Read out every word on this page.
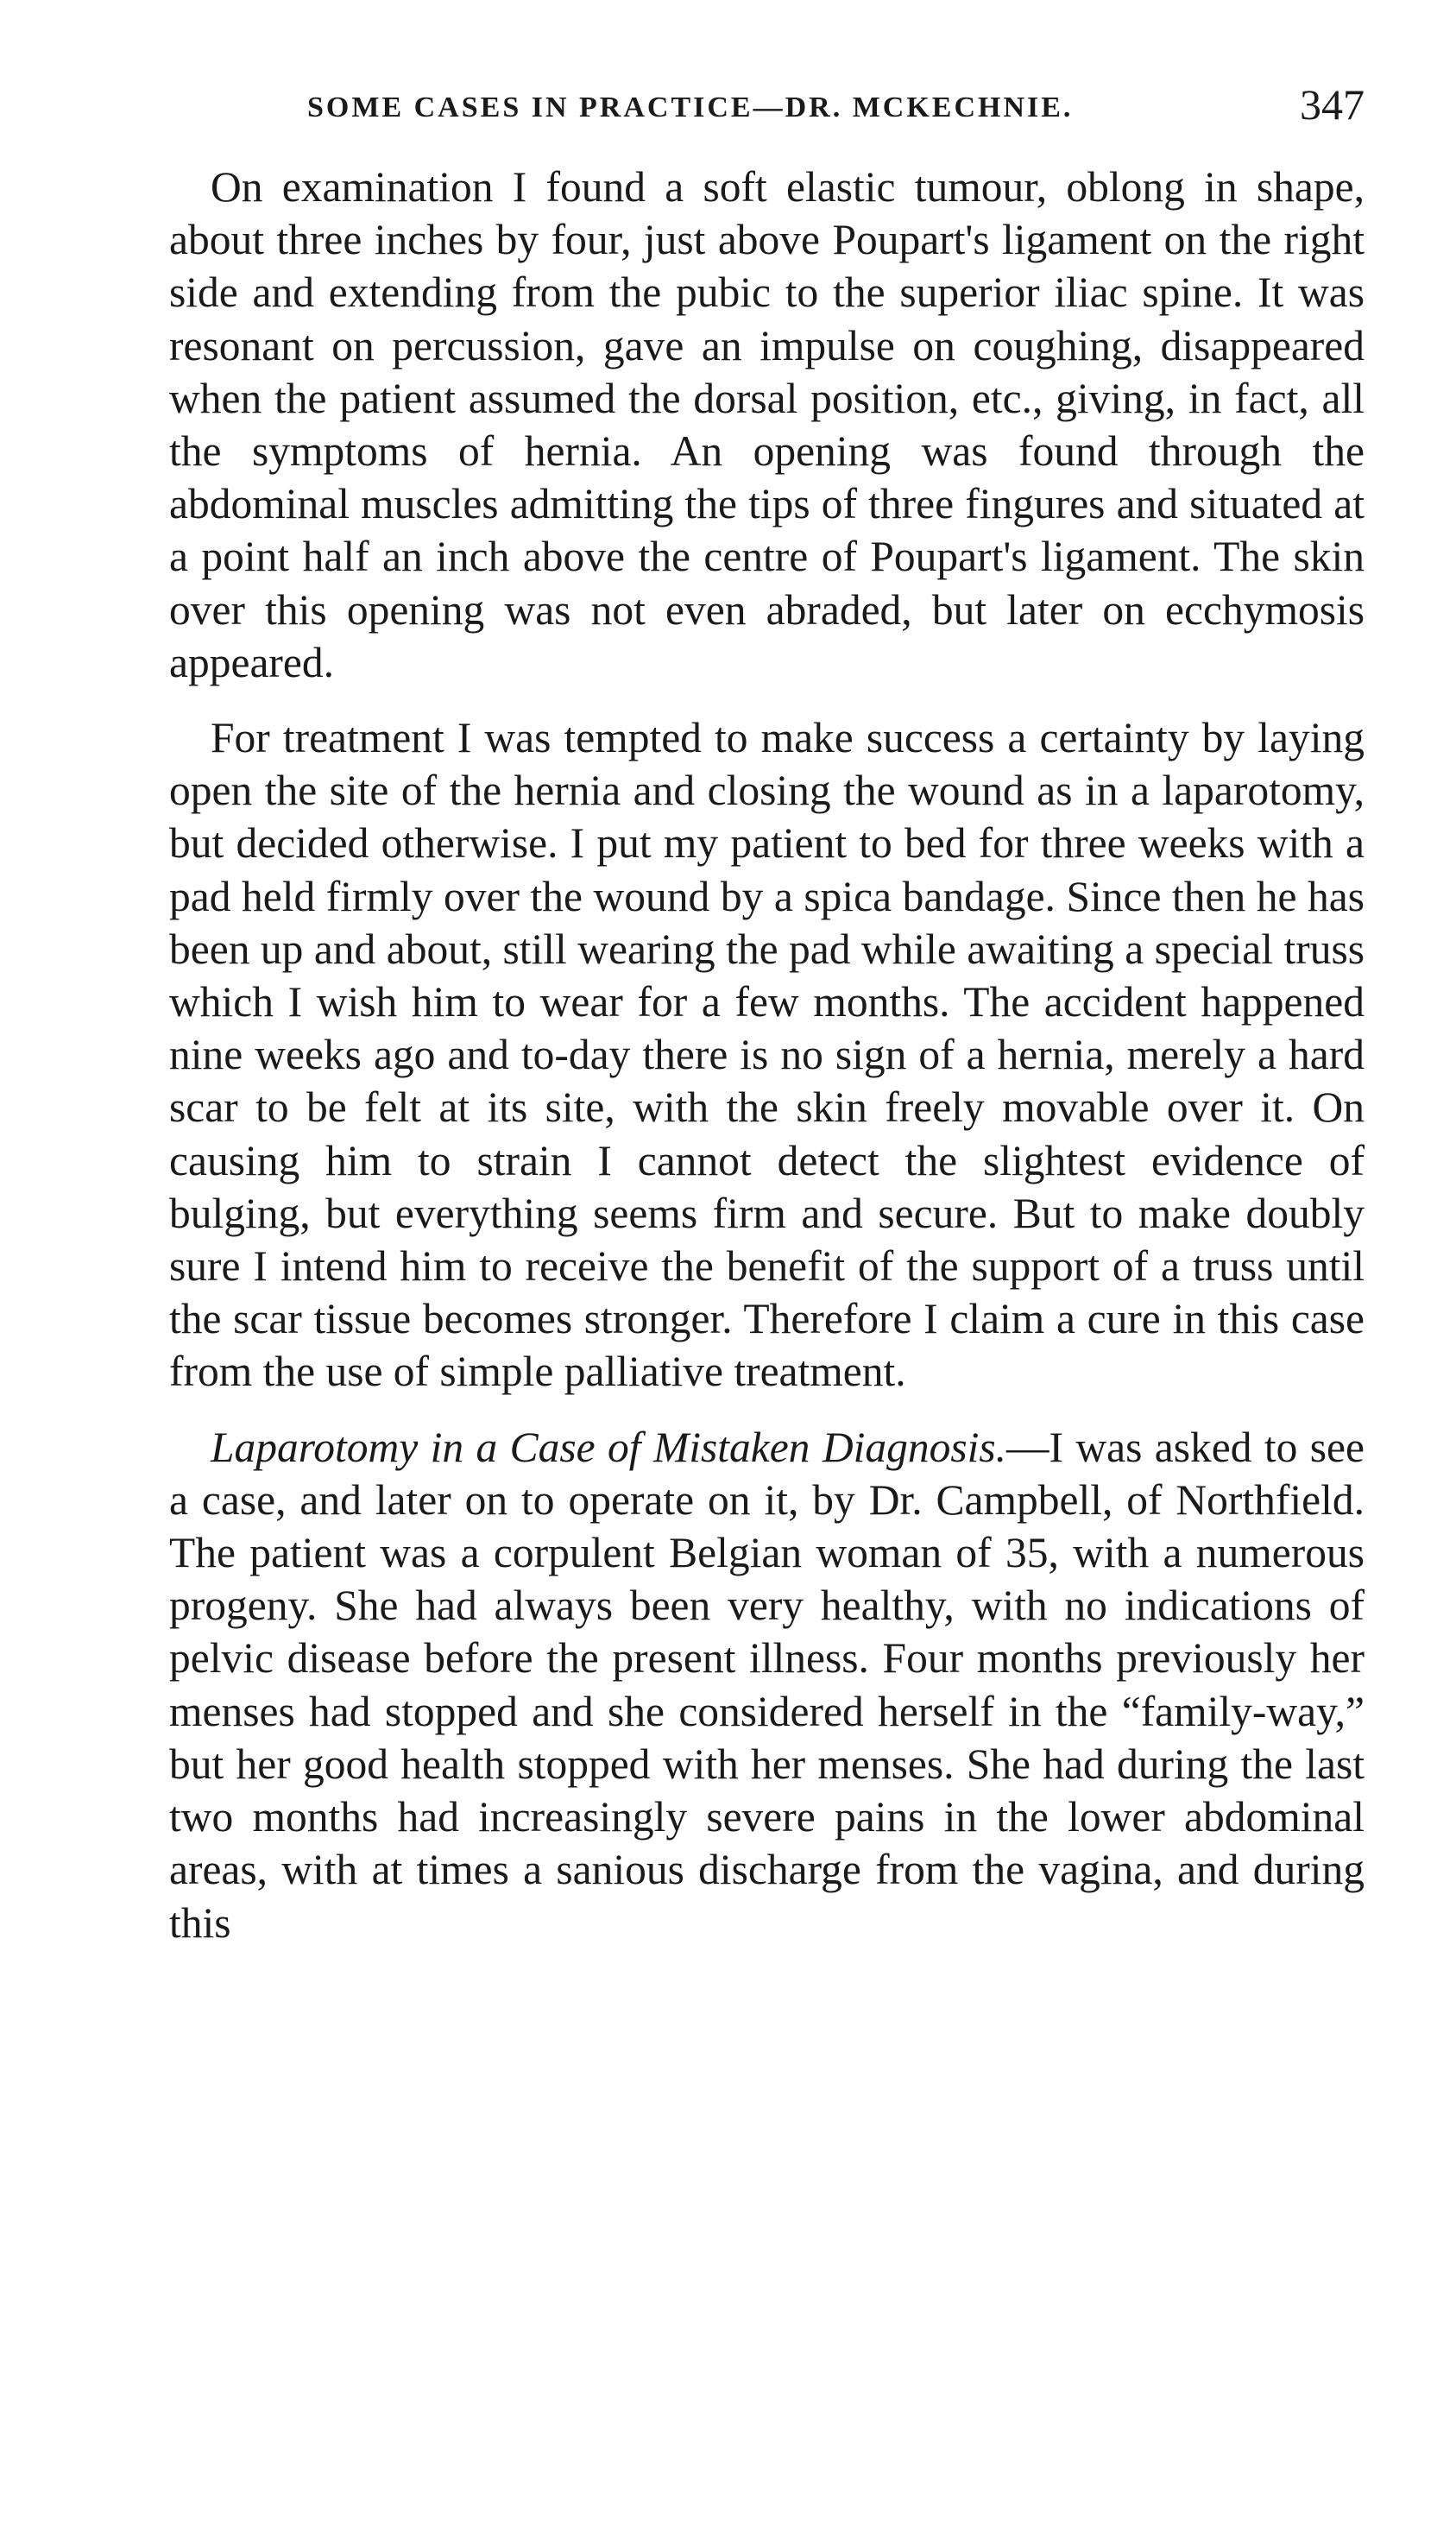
SOME CASES IN PRACTICE—DR. MCKECHNIE.	347

On examination I found a soft elastic tumour, oblong in shape, about three inches by four, just above Poupart's ligament on the right side and extending from the pubic to the superior iliac spine. It was resonant on percussion, gave an impulse on coughing, disappeared when the patient assumed the dorsal position, etc., giving, in fact, all the symptoms of hernia. An opening was found through the abdominal muscles admitting the tips of three fingures and situated at a point half an inch above the centre of Poupart's ligament. The skin over this opening was not even abraded, but later on ecchymosis appeared.

For treatment I was tempted to make success a certainty by laying open the site of the hernia and closing the wound as in a laparotomy, but decided otherwise. I put my patient to bed for three weeks with a pad held firmly over the wound by a spica bandage. Since then he has been up and about, still wearing the pad while awaiting a special truss which I wish him to wear for a few months. The accident happened nine weeks ago and to-day there is no sign of a hernia, merely a hard scar to be felt at its site, with the skin freely movable over it. On causing him to strain I cannot detect the slightest evidence of bulging, but everything seems firm and secure. But to make doubly sure I intend him to receive the benefit of the support of a truss until the scar tissue becomes stronger. Therefore I claim a cure in this case from the use of simple palliative treatment.

Laparotomy in a Case of Mistaken Diagnosis.—I was asked to see a case, and later on to operate on it, by Dr. Campbell, of Northfield. The patient was a corpulent Belgian woman of 35, with a numerous progeny. She had always been very healthy, with no indications of pelvic disease before the present illness. Four months previously her menses had stopped and she considered herself in the “family-way,” but her good health stopped with her menses. She had during the last two months had increasingly severe pains in the lower abdominal areas, with at times a sanious discharge from the vagina, and during this
